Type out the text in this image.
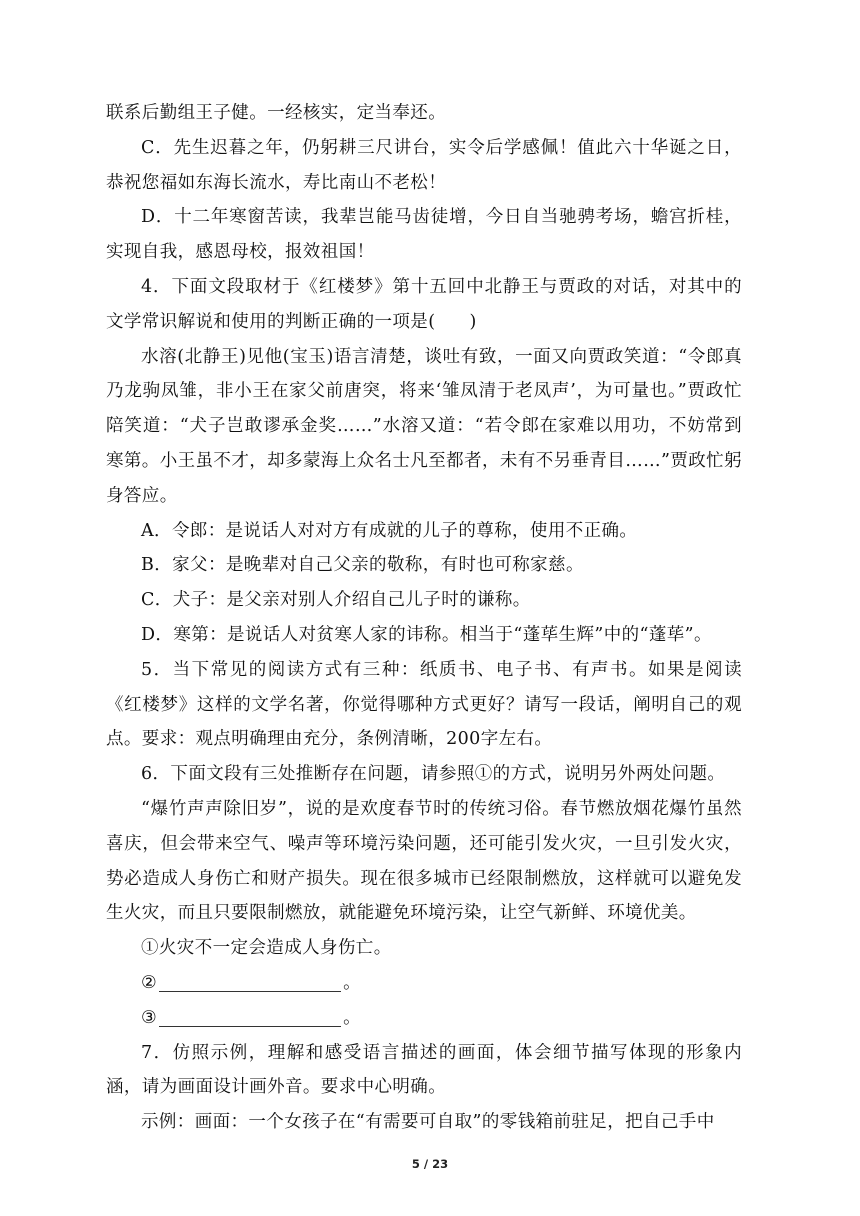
联系后勤组王子健。一经核实，定当奉还。

C．先生迟暮之年，仍躬耕三尺讲台，实令后学感佩！值此六十华诞之日，恭祝您福如东海长流水，寿比南山不老松！

D．十二年寒窗苦读，我辈岂能马齿徒增，今日自当驰骋考场，蟾宫折桂，实现自我，感恩母校，报效祖国！

4．下面文段取材于《红楼梦》第十五回中北静王与贾政的对话，对其中的文学常识解说和使用的判断正确的一项是( )

水溶(北静王)见他(宝玉)语言清楚，谈吐有致，一面又向贾政笑道：“令郎真乃龙驹凤雏，非小王在家父前唐突，将来‘雏凤清于老凤声’，为可量也。”贾政忙陪笑道：“犬子岂敢谬承金奖……”水溶又道：“若令郎在家难以用功，不妨常到寒第。小王虽不才，却多蒙海上众名士凡至都者，未有不另垂青目……”贾政忙躬身答应。

A．令郎：是说话人对对方有成就的儿子的尊称，使用不正确。

B．家父：是晚辈对自己父亲的敬称，有时也可称家慈。

C．犬子：是父亲对别人介绍自己儿子时的谦称。

D．寒第：是说话人对贫寒人家的讳称。相当于“蓬荜生辉”中的“蓬荜”。

5．当下常见的阅读方式有三种：纸质书、电子书、有声书。如果是阅读《红楼梦》这样的文学名著，你觉得哪种方式更好？请写一段话，阐明自己的观点。要求：观点明确理由充分，条例清晰，200字左右。

6．下面文段有三处推断存在问题，请参照①的方式，说明另外两处问题。

“爆竹声声除旧岁”，说的是欢度春节时的传统习俗。春节燃放烟花爆竹虽然喜庆，但会带来空气、噪声等环境污染问题，还可能引发火灾，一旦引发火灾，势必造成人身伤亡和财产损失。现在很多城市已经限制燃放，这样就可以避免发生火灾，而且只要限制燃放，就能避免环境污染，让空气新鲜、环境优美。

①火灾不一定会造成人身伤亡。

②	。

③	。

7．仿照示例，理解和感受语言描述的画面，体会细节描写体现的形象内涵，请为画面设计画外音。要求中心明确。

示例：画面：一个女孩子在“有需要可自取”的零钱箱前驻足，把自己手中

5 / 23
